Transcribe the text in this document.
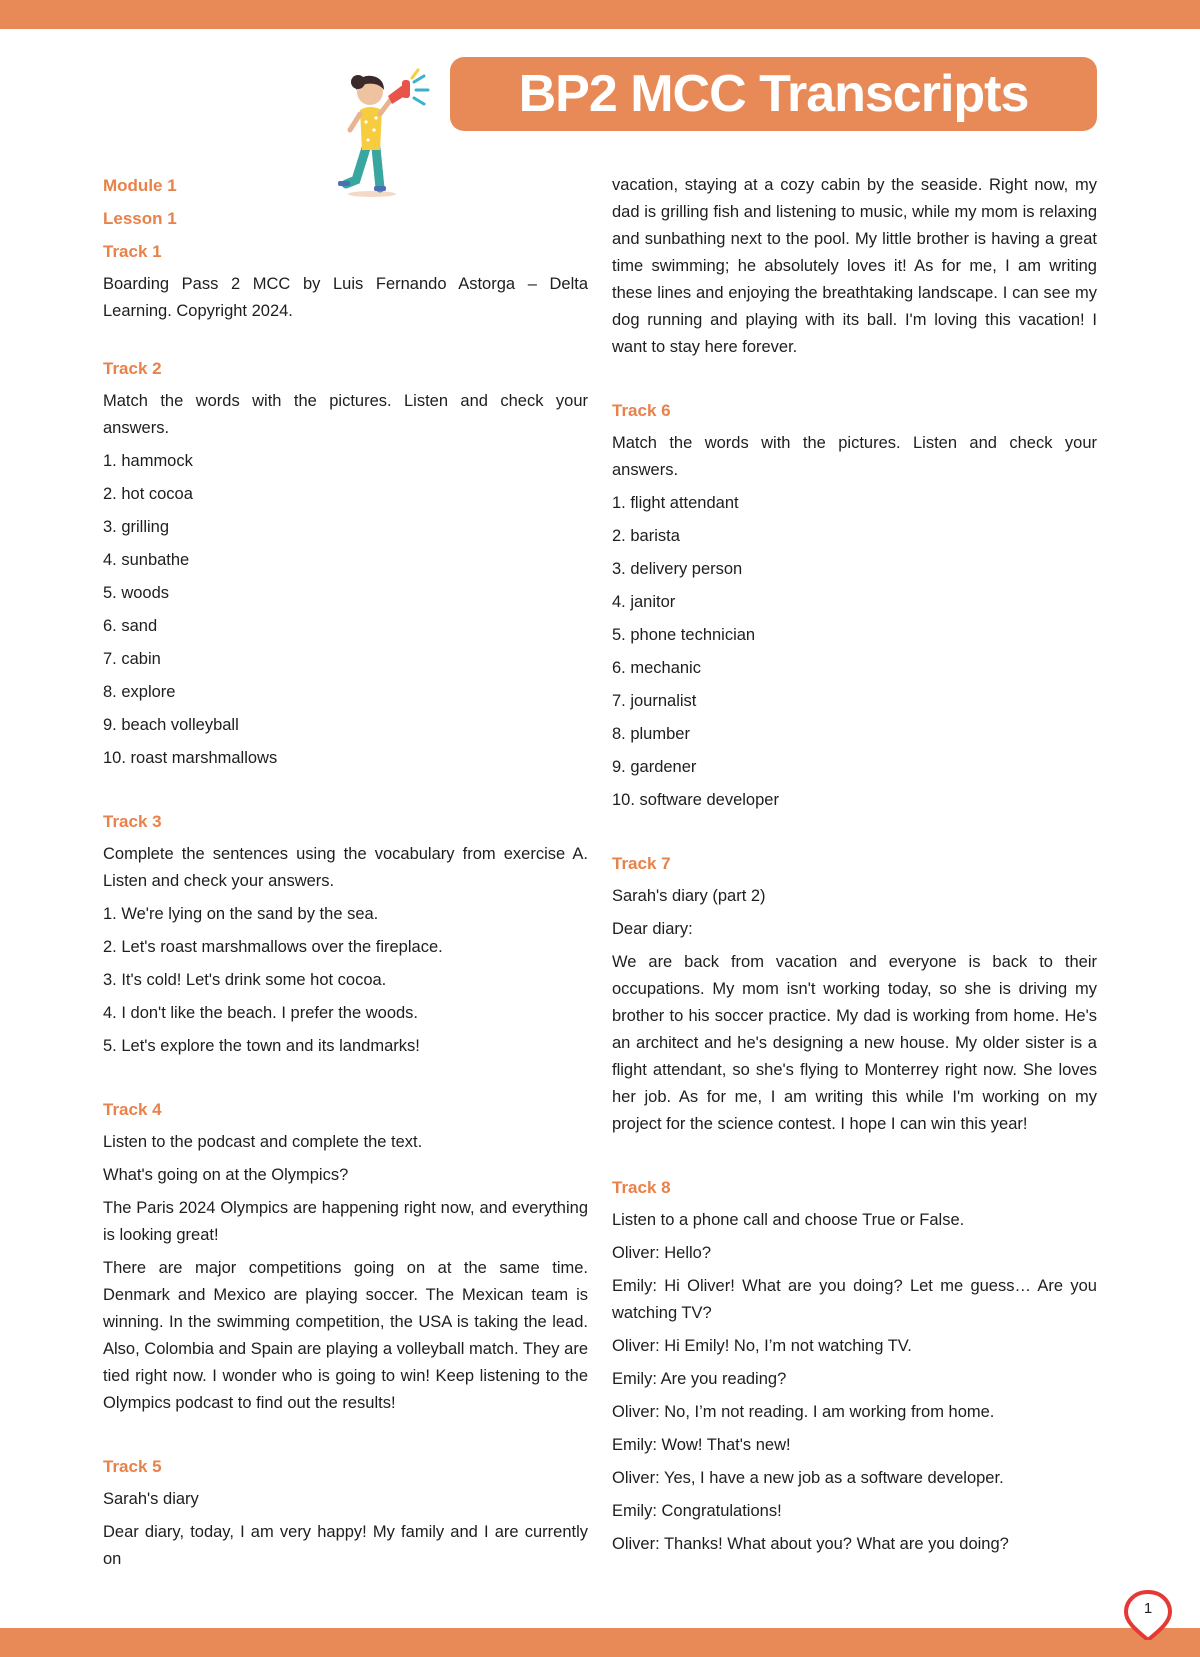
BP2 MCC Transcripts
Module 1
Lesson 1
Track 1

Boarding Pass 2 MCC by Luis Fernando Astorga – Delta Learning. Copyright 2024.

Track 2

Match the words with the pictures. Listen and check your answers.

1. hammock

2. hot cocoa

3. grilling

4. sunbathe

5. woods

6. sand

7. cabin

8. explore

9. beach volleyball

10. roast marshmallows

Track 3

Complete the sentences using the vocabulary from exercise A. Listen and check your answers.

1. We're lying on the sand by the sea.

2. Let's roast marshmallows over the fireplace.

3. It's cold! Let's drink some hot cocoa.

4. I don't like the beach. I prefer the woods.

5. Let's explore the town and its landmarks!

Track 4

Listen to the podcast and complete the text.

What's going on at the Olympics?

The Paris 2024 Olympics are happening right now, and everything is looking great!

There are major competitions going on at the same time. Denmark and Mexico are playing soccer. The Mexican team is winning. In the swimming competition, the USA is taking the lead. Also, Colombia and Spain are playing a volleyball match. They are tied right now. I wonder who is going to win! Keep listening to the Olympics podcast to find out the results!

Track 5

Sarah's diary

Dear diary, today, I am very happy! My family and I are currently on

vacation, staying at a cozy cabin by the seaside. Right now, my dad is grilling fish and listening to music, while my mom is relaxing and sunbathing next to the pool. My little brother is having a great time swimming; he absolutely loves it! As for me, I am writing these lines and enjoying the breathtaking landscape. I can see my dog running and playing with its ball. I'm loving this vacation! I want to stay here forever.

Track 6

Match the words with the pictures. Listen and check your answers.

1. flight attendant

2. barista

3. delivery person

4. janitor

5. phone technician

6. mechanic

7. journalist

8. plumber

9. gardener

10. software developer

Track 7

Sarah's diary (part 2)

Dear diary:

We are back from vacation and everyone is back to their occupations. My mom isn't working today, so she is driving my brother to his soccer practice. My dad is working from home. He's an architect and he's designing a new house. My older sister is a flight attendant, so she's flying to Monterrey right now. She loves her job. As for me, I am writing this while I'm working on my project for the science contest. I hope I can win this year!

Track 8

Listen to a phone call and choose True or False.

Oliver: Hello?

Emily: Hi Oliver! What are you doing? Let me guess… Are you watching TV?

Oliver: Hi Emily! No, I’m not watching TV.

Emily: Are you reading?

Oliver: No, I’m not reading. I am working from home.

Emily: Wow! That's new!

Oliver: Yes, I have a new job as a software developer.

Emily: Congratulations!

Oliver: Thanks! What about you? What are you doing?

1
